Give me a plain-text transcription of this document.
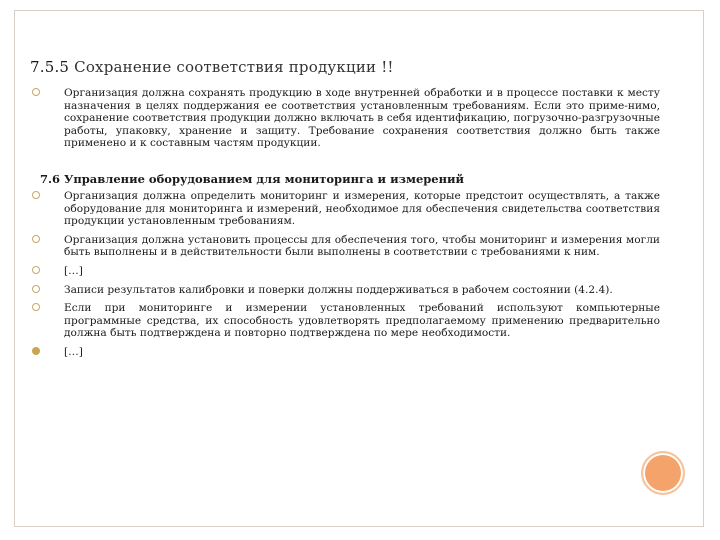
7.5.5 Сохранение соответствия продукции !!
Организация должна сохранять продукцию в ходе внутренней обработки и в процессе поставки к месту назначения в целях поддержания ее соответствия установленным требованиям. Если это приме-нимо, сохранение соответствия продукции должно включать в себя идентификацию, погрузочно-разгрузочные работы, упаковку, хранение и защиту. Требование сохранения соответствия должно быть также применено и к составным частям продукции.
7.6 Управление оборудованием для мониторинга и измерений
Организация должна определить мониторинг и измерения, которые предстоит осуществлять, а также оборудование для мониторинга и измерений, необходимое для обеспечения свидетельства соответствия продукции установленным требованиям.
Организация должна установить процессы для обеспечения того, чтобы мониторинг и измерения могли быть выполнены и в действительности были выполнены в соответствии с требованиями к ним.
[…]
Записи результатов калибровки и поверки должны поддерживаться в рабочем состоянии (4.2.4).
Если при мониторинге и измерении установленных требований используют компьютерные программные средства, их способность удовлетворять предполагаемому применению предварительно должна быть подтверждена и повторно подтверждена по мере необходимости.
[…]
